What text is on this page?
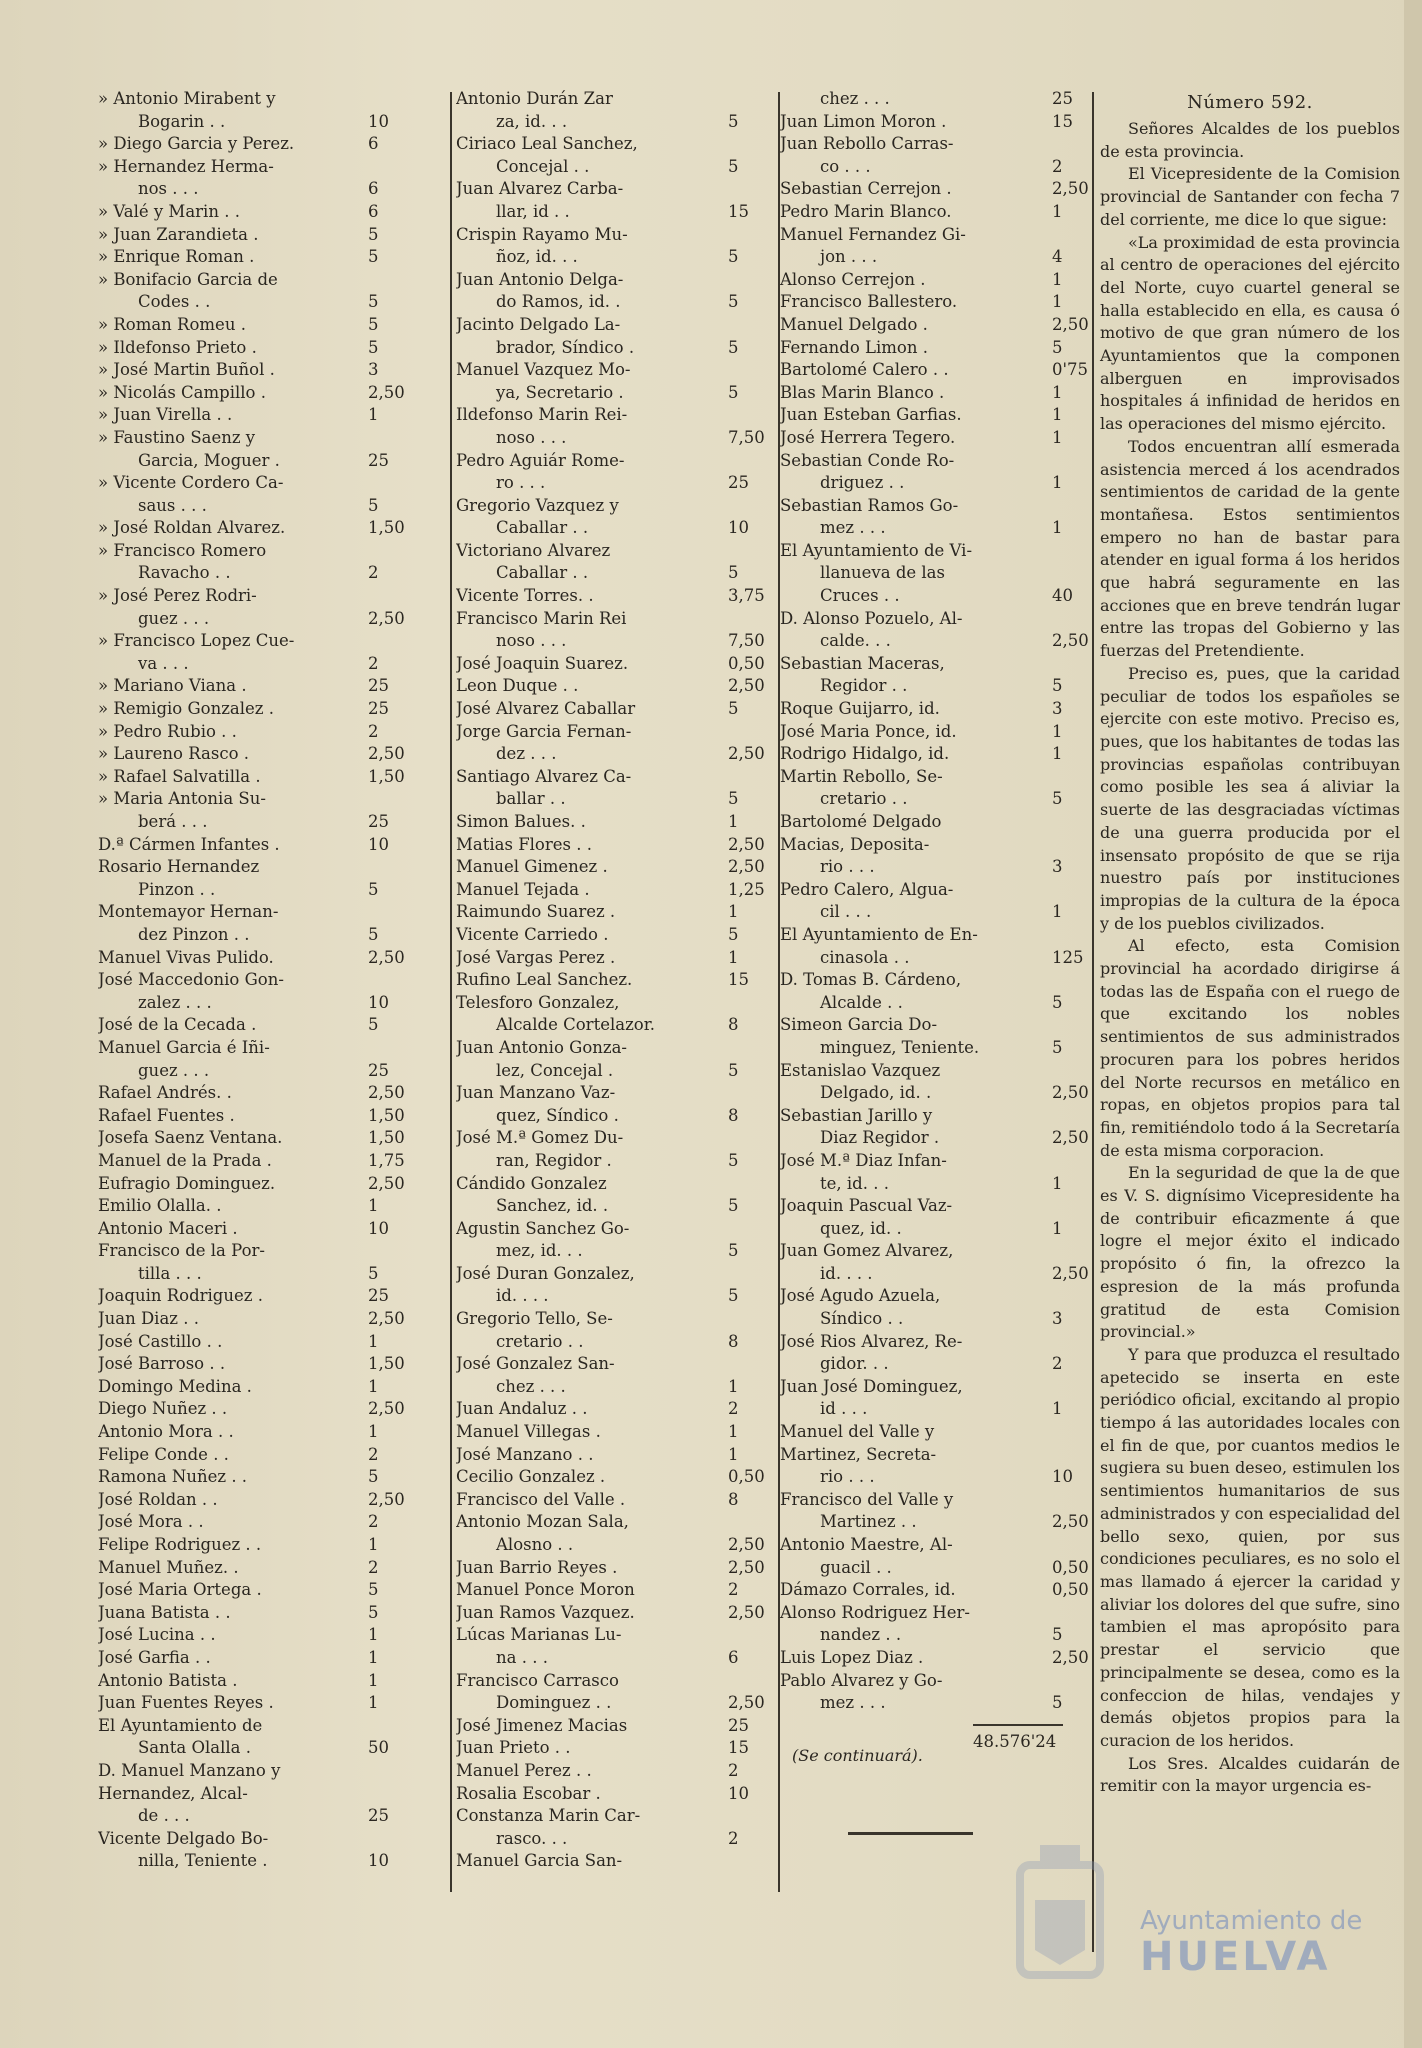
» Antonio Mirabent y
Bogarin . .	10
» Diego Garcia y Perez.	6
» Hernandez Herma-
nos . . .	6
» Valé y Marin . .	6
» Juan Zarandieta .	5
» Enrique Roman .	5
» Bonifacio Garcia de
Codes . .	5
» Roman Romeu .	5
» Ildefonso Prieto .	5
» José Martin Buñol .	3
» Nicolás Campillo .	2,50
» Juan Virella . .	1
» Faustino Saenz y
Garcia, Moguer .	25
» Vicente Cordero Ca-
saus . . .	5
» José Roldan Alvarez.	1,50
» Francisco Romero
Ravacho . .	2
» José Perez Rodri-
guez . . .	2,50
» Francisco Lopez Cue-
va . . .	2
» Mariano Viana .	25
» Remigio Gonzalez .	25
» Pedro Rubio . .	2
» Laureno Rasco .	2,50
» Rafael Salvatilla .	1,50
» Maria Antonia Su-
berá . . .	25
D.ª Cármen Infantes .	10
Rosario Hernandez
Pinzon . .	5
Montemayor Hernan-
dez Pinzon . .	5
Manuel Vivas Pulido.	2,50
José Maccedonio Gon-
zalez . . .	10
José de la Cecada .	5
Manuel Garcia é Iñi-
guez . . .	25
Rafael Andrés. .	2,50
Rafael Fuentes .	1,50
Josefa Saenz Ventana.	1,50
Manuel de la Prada .	1,75
Eufragio Dominguez.	2,50
Emilio Olalla. .	1
Antonio Maceri .	10
Francisco de la Por-
tilla . . .	5
Joaquin Rodriguez .	25
Juan Diaz . .	2,50
José Castillo . .	1
José Barroso . .	1,50
Domingo Medina .	1
Diego Nuñez . .	2,50
Antonio Mora . .	1
Felipe Conde . .	2
Ramona Nuñez . .	5
José Roldan . .	2,50
José Mora . .	2
Felipe Rodriguez . .	1
Manuel Muñez. .	2
José Maria Ortega .	5
Juana Batista . .	5
José Lucina . .	1
José Garfia . .	1
Antonio Batista .	1
Juan Fuentes Reyes .	1
El Ayuntamiento de
Santa Olalla .	50
D. Manuel Manzano y
Hernandez, Alcal-
de . . .	25
Vicente Delgado Bo-
nilla, Teniente .	10
Antonio Durán Zar
za, id. . .	5
Ciriaco Leal Sanchez,
Concejal . .	5
Juan Alvarez Carba-
llar, id . .	15
Crispin Rayamo Mu-
ñoz, id. . .	5
Juan Antonio Delga-
do Ramos, id. .	5
Jacinto Delgado La-
brador, Síndico .	5
Manuel Vazquez Mo-
ya, Secretario .	5
Ildefonso Marin Rei-
noso . . .	7,50
Pedro Aguiár Rome-
ro . . .	25
Gregorio Vazquez y
Caballar . .	10
Victoriano Alvarez
Caballar . .	5
Vicente Torres. .	3,75
Francisco Marin Rei
noso . . .	7,50
José Joaquin Suarez.	0,50
Leon Duque . .	2,50
José Alvarez Caballar	5
Jorge Garcia Fernan-
dez . . .	2,50
Santiago Alvarez Ca-
ballar . .	5
Simon Balues. .	1
Matias Flores . .	2,50
Manuel Gimenez .	2,50
Manuel Tejada .	1,25
Raimundo Suarez .	1
Vicente Carriedo .	5
José Vargas Perez .	1
Rufino Leal Sanchez.	15
Telesforo Gonzalez,
Alcalde Cortelazor.	8
Juan Antonio Gonza-
lez, Concejal .	5
Juan Manzano Vaz-
quez, Síndico .	8
José M.ª Gomez Du-
ran, Regidor .	5
Cándido Gonzalez
Sanchez, id. .	5
Agustin Sanchez Go-
mez, id. . .	5
José Duran Gonzalez,
id. . . .	5
Gregorio Tello, Se-
cretario . .	8
José Gonzalez San-
chez . . .	1
Juan Andaluz . .	2
Manuel Villegas .	1
José Manzano . .	1
Cecilio Gonzalez .	0,50
Francisco del Valle .	8
Antonio Mozan Sala,
Alosno . .	2,50
Juan Barrio Reyes .	2,50
Manuel Ponce Moron	2
Juan Ramos Vazquez.	2,50
Lúcas Marianas Lu-
na . . .	6
Francisco Carrasco
Dominguez . .	2,50
José Jimenez Macias	25
Juan Prieto . .	15
Manuel Perez . .	2
Rosalia Escobar .	10
Constanza Marin Car-
rasco. . .	2
Manuel Garcia San-
chez . . .	25
Juan Limon Moron .	15
Juan Rebollo Carras-
co . . .	2
Sebastian Cerrejon .	2,50
Pedro Marin Blanco.	1
Manuel Fernandez Gi-
jon . . .	4
Alonso Cerrejon .	1
Francisco Ballestero.	1
Manuel Delgado .	2,50
Fernando Limon .	5
Bartolomé Calero . .	0'75
Blas Marin Blanco .	1
Juan Esteban Garfias.	1
José Herrera Tegero.	1
Sebastian Conde Ro-
driguez . .	1
Sebastian Ramos Go-
mez . . .	1
El Ayuntamiento de Vi-
llanueva de las
Cruces . .	40
D. Alonso Pozuelo, Al-
calde. . .	2,50
Sebastian Maceras,
Regidor . .	5
Roque Guijarro, id.	3
José Maria Ponce, id.	1
Rodrigo Hidalgo, id.	1
Martin Rebollo, Se-
cretario . .	5
Bartolomé Delgado
Macias, Deposita-
rio . . .	3
Pedro Calero, Algua-
cil . . .	1
El Ayuntamiento de En-
cinasola . .	125
D. Tomas B. Cárdeno,
Alcalde . .	5
Simeon Garcia Do-
minguez, Teniente.	5
Estanislao Vazquez
Delgado, id. .	2,50
Sebastian Jarillo y
Diaz Regidor .	2,50
José M.ª Diaz Infan-
te, id. . .	1
Joaquin Pascual Vaz-
quez, id. .	1
Juan Gomez Alvarez,
id. . . .	2,50
José Agudo Azuela,
Síndico . .	3
José Rios Alvarez, Re-
gidor. . .	2
Juan José Dominguez,
id . . .	1
Manuel del Valle y
Martinez, Secreta-
rio . . .	10
Francisco del Valle y
Martinez . .	2,50
Antonio Maestre, Al-
guacil . .	0,50
Dámazo Corrales, id.	0,50
Alonso Rodriguez Her-
nandez . .	5
Luis Lopez Diaz .	2,50
Pablo Alvarez y Go-
mez . . .	5
48.576'24
(Se continuará).
Número 592.

Señores Alcaldes de los pueblos de esta provincia.

El Vicepresidente de la Comision provincial de Santander con fecha 7 del corriente, me dice lo que sigue:

«La proximidad de esta provincia al centro de operaciones del ejército del Norte, cuyo cuartel general se halla establecido en ella, es causa ó motivo de que gran número de los Ayuntamientos que la componen alberguen en improvisados hospitales á infinidad de heridos en las operaciones del mismo ejército.

Todos encuentran allí esmerada asistencia merced á los acendrados sentimientos de caridad de la gente montañesa. Estos sentimientos empero no han de bastar para atender en igual forma á los heridos que habrá seguramente en las acciones que en breve tendrán lugar entre las tropas del Gobierno y las fuerzas del Pretendiente.

Preciso es, pues, que la caridad peculiar de todos los españoles se ejercite con este motivo. Preciso es, pues, que los habitantes de todas las provincias españolas contribuyan como posible les sea á aliviar la suerte de las desgraciadas víctimas de una guerra producida por el insensato propósito de que se rija nuestro país por instituciones impropias de la cultura de la época y de los pueblos civilizados.

Al efecto, esta Comision provincial ha acordado dirigirse á todas las de España con el ruego de que excitando los nobles sentimientos de sus administrados procuren para los pobres heridos del Norte recursos en metálico en ropas, en objetos propios para tal fin, remitiéndolo todo á la Secretaría de esta misma corporacion.

En la seguridad de que la de que es V. S. dignísimo Vicepresidente ha de contribuir eficazmente á que logre el mejor éxito el indicado propósito ó fin, la ofrezco la espresion de la más profunda gratitud de esta Comision provincial.»

Y para que produzca el resultado apetecido se inserta en este periódico oficial, excitando al propio tiempo á las autoridades locales con el fin de que, por cuantos medios le sugiera su buen deseo, estimulen los sentimientos humanitarios de sus administrados y con especialidad del bello sexo, quien, por sus condiciones peculiares, es no solo el mas llamado á ejercer la caridad y aliviar los dolores del que sufre, sino tambien el mas apropósito para prestar el servicio que principalmente se desea, como es la confeccion de hilas, vendajes y demás objetos propios para la curacion de los heridos.

Los Sres. Alcaldes cuidarán de remitir con la mayor urgencia es-

Ayuntamiento de
HUELVA
